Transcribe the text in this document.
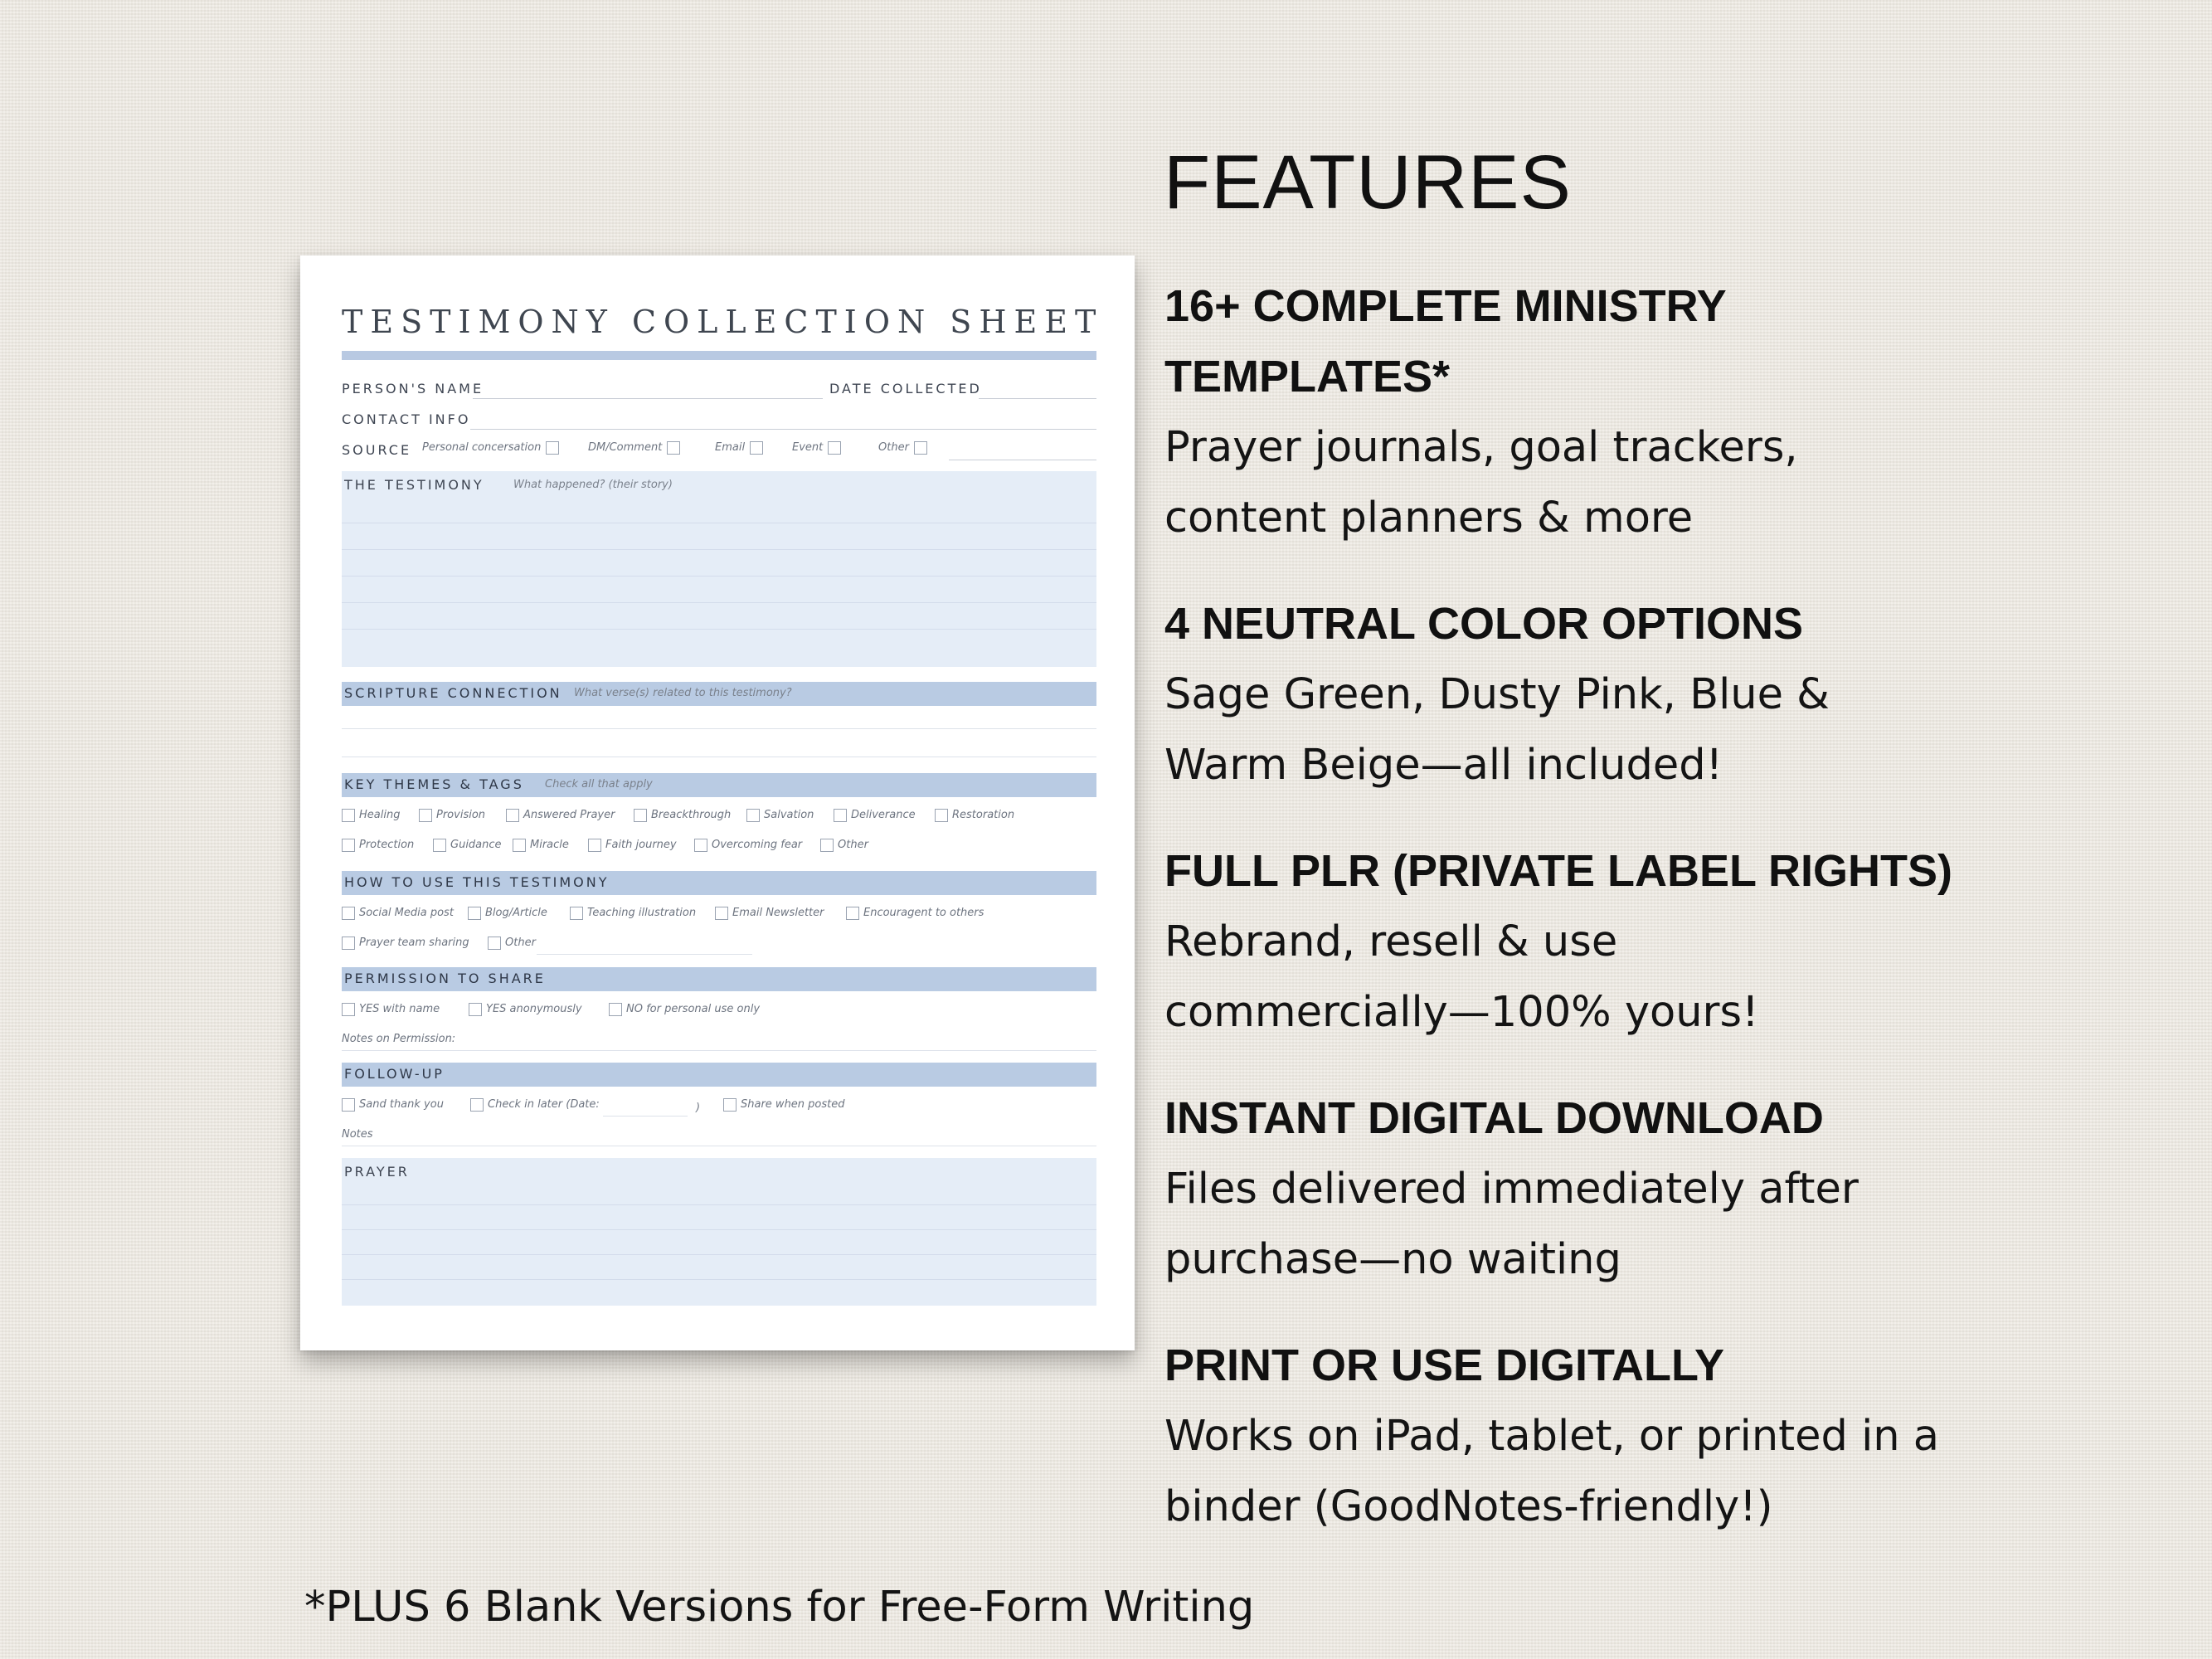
TESTIMONY COLLECTION SHEET
PERSON'S NAME	DATE COLLECTED
CONTACT INFO
SOURCE Personal concersation	DM/Comment	Email	Event	Other
THE TESTIMONY	What happened? (their story)
SCRIPTURE CONNECTION What verse(s) related to this testimony?
KEY THEMES & TAGS Check all that apply
Healing	Provision	Answered Prayer	Breackthrough	Salvation	Deliverance	Restoration
Protection	Guidance	Miracle	Faith journey	Overcoming fear	Other
HOW TO USE THIS TESTIMONY
Social Media post	Blog/Article	Teaching illustration	Email Newsletter	Encouragent to others
Prayer team sharing	Other
PERMISSION TO SHARE
YES with name	YES anonymously	NO for personal use only
Notes on Permission:
FOLLOW-UP
Sand thank you	Check in later (Date:	)	Share when posted
Notes
PRAYER
FEATURES
16+ COMPLETE MINISTRY
TEMPLATES*
Prayer journals, goal trackers,
content planners & more
4 NEUTRAL COLOR OPTIONS
Sage Green, Dusty Pink, Blue &
Warm Beige—all included!
FULL PLR (PRIVATE LABEL RIGHTS)
Rebrand, resell & use
commercially—100% yours!
INSTANT DIGITAL DOWNLOAD
Files delivered immediately after
purchase—no waiting
PRINT OR USE DIGITALLY
Works on iPad, tablet, or printed in a
binder (GoodNotes-friendly!)
*PLUS 6 Blank Versions for Free-Form Writing
